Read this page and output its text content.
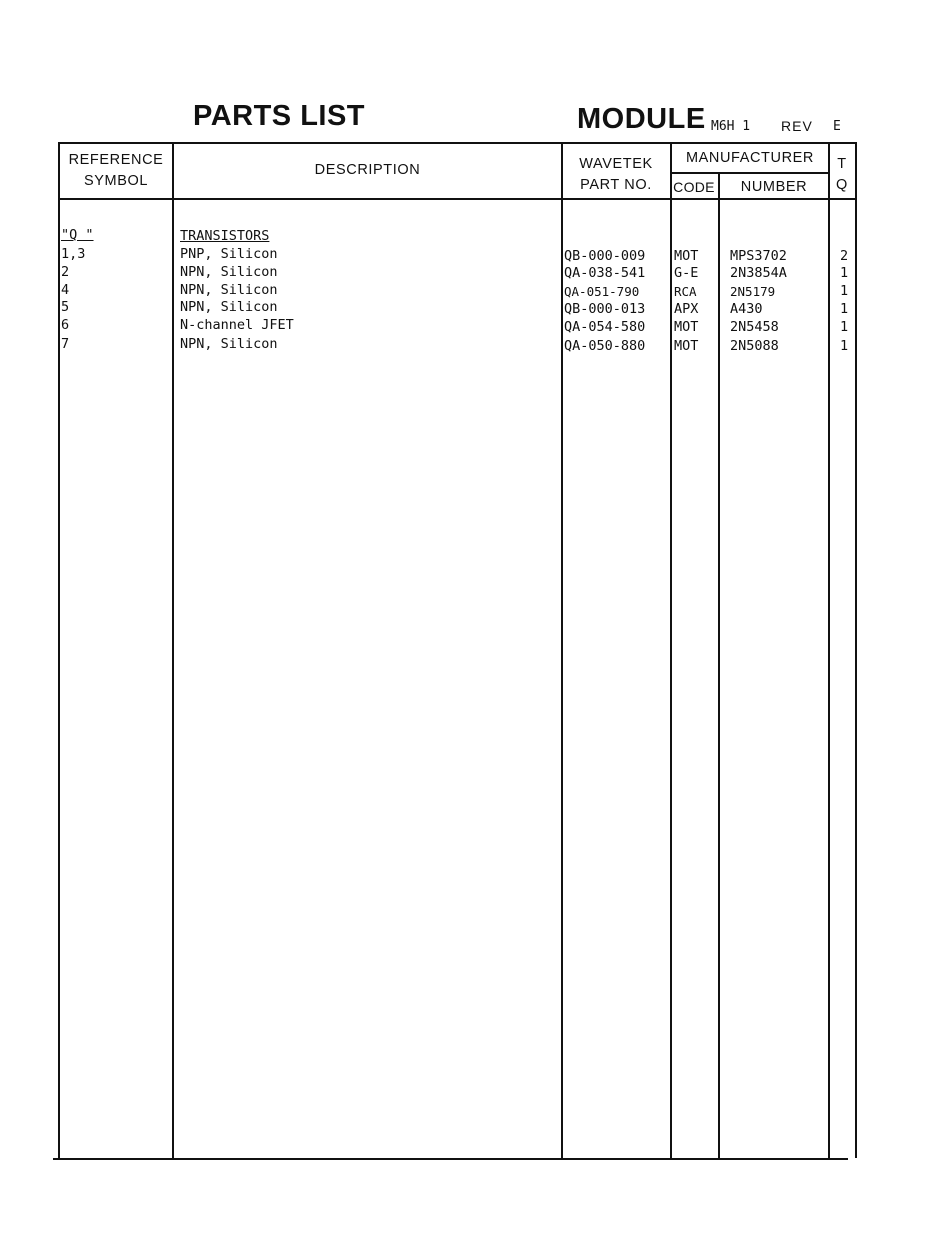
PARTS LIST	MODULE M6H 1 REV E
REFERENCE
SYMBOL
DESCRIPTION	WAVETEK
PART NO.
MANUFACTURER
CODE	NUMBER
T
Q
"Q "	TRANSISTORS
1,3	PNP, Silicon	QB-000-009 MOT MPS3702	2
2	NPN, Silicon	QA-038-541 G-E 2N3854A	1
4	NPN, Silicon	QA-051-790	RCA	2N5179	1
5	NPN, Silicon	QB-000-013 APX A430	1
6	N-channel JFET	QA-054-580 MOT 2N5458	1
7	NPN, Silicon	QA-050-880 MOT 2N5088	1
